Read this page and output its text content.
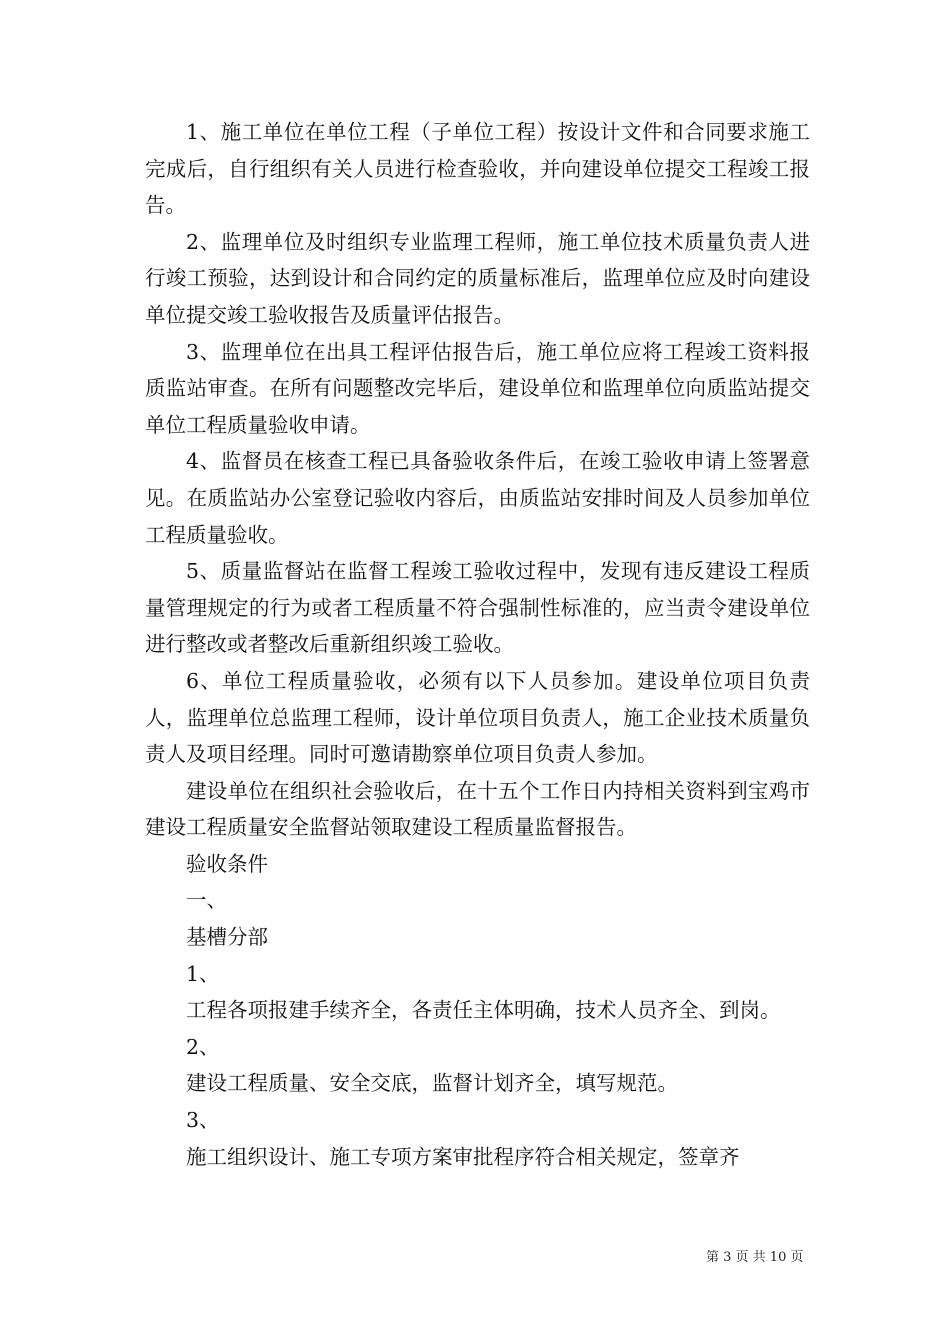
1、施工单位在单位工程（子单位工程）按设计文件和合同要求施工完成后，自行组织有关人员进行检查验收，并向建设单位提交工程竣工报告。

2、监理单位及时组织专业监理工程师，施工单位技术质量负责人进行竣工预验，达到设计和合同约定的质量标准后，监理单位应及时向建设单位提交竣工验收报告及质量评估报告。

3、监理单位在出具工程评估报告后，施工单位应将工程竣工资料报质监站审查。在所有问题整改完毕后，建设单位和监理单位向质监站提交单位工程质量验收申请。

4、监督员在核查工程已具备验收条件后，在竣工验收申请上签署意见。在质监站办公室登记验收内容后，由质监站安排时间及人员参加单位工程质量验收。

5、质量监督站在监督工程竣工验收过程中，发现有违反建设工程质量管理规定的行为或者工程质量不符合强制性标准的，应当责令建设单位进行整改或者整改后重新组织竣工验收。

6、单位工程质量验收，必须有以下人员参加。建设单位项目负责人，监理单位总监理工程师，设计单位项目负责人，施工企业技术质量负责人及项目经理。同时可邀请勘察单位项目负责人参加。

建设单位在组织社会验收后，在十五个工作日内持相关资料到宝鸡市建设工程质量安全监督站领取建设工程质量监督报告。

验收条件

一、

基槽分部

1、

工程各项报建手续齐全，各责任主体明确，技术人员齐全、到岗。

2、

建设工程质量、安全交底，监督计划齐全，填写规范。

3、

施工组织设计、施工专项方案审批程序符合相关规定，签章齐

第 3 页 共 10 页
